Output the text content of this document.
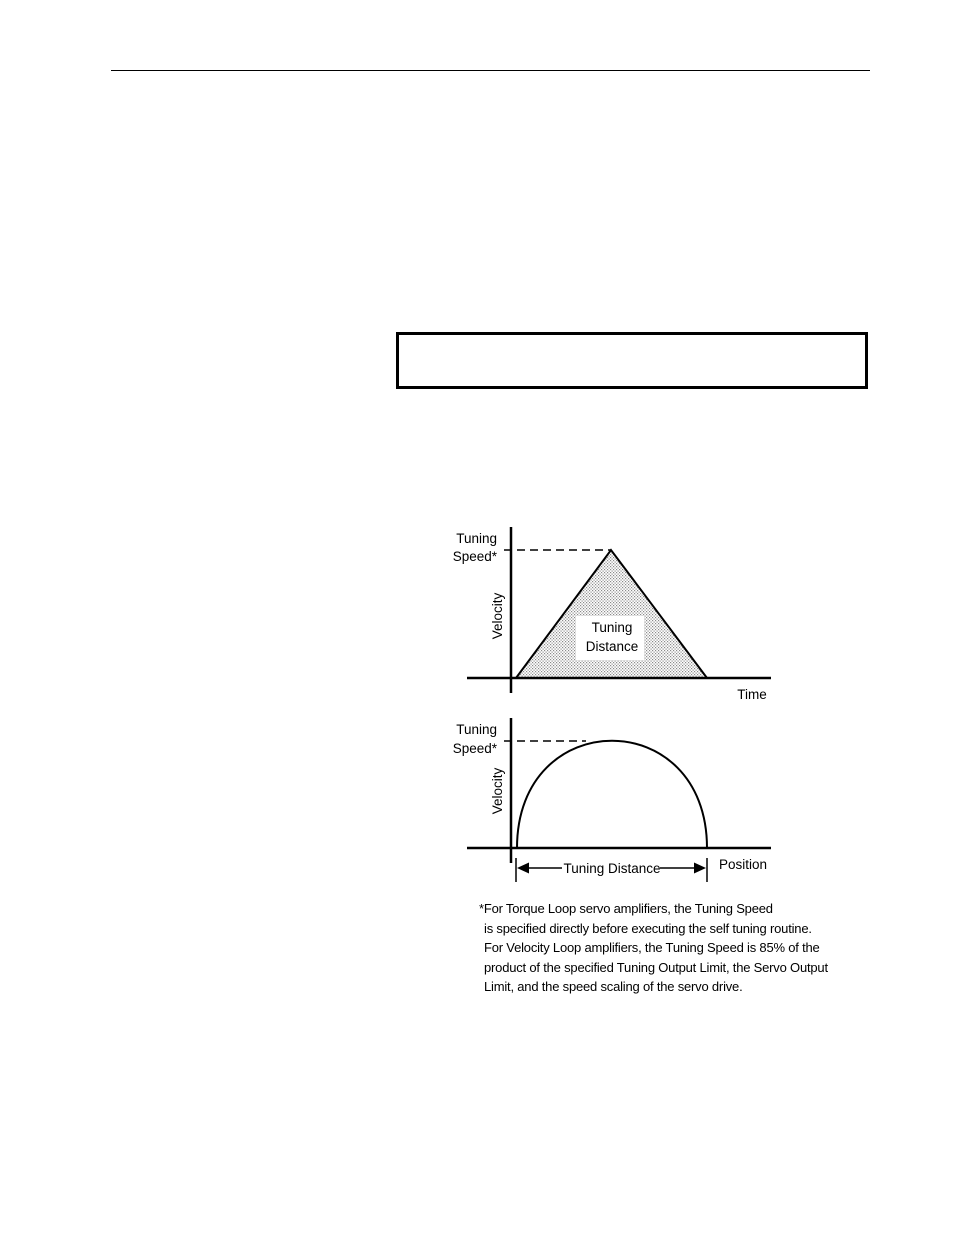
Tuning
Speed*
Velocity	Tuning
Distance
Time
Tuning
Speed*
Velocity
Tuning Distance	Position
*For Torque Loop servo amplifiers, the Tuning Speed
is specified directly before executing the self tuning routine.
For Velocity Loop amplifiers, the Tuning Speed is 85% of the
product of the specified Tuning Output Limit, the Servo Output
Limit, and the speed scaling of the servo drive.
